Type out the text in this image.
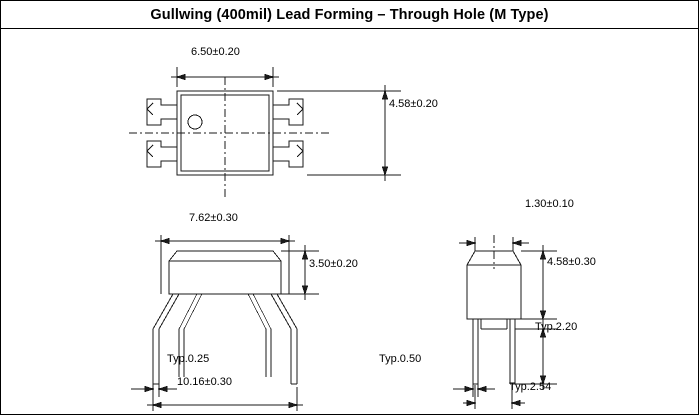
Gullwing (400mil) Lead Forming – Through Hole (M Type)
6.50±0.20
4.58±0.20
7.62±0.30
3.50±0.20
Typ.0.25
10.16±0.30
1.30±0.10
4.58±0.30
Typ.2.20
Typ.0.50
Typ.2.54
